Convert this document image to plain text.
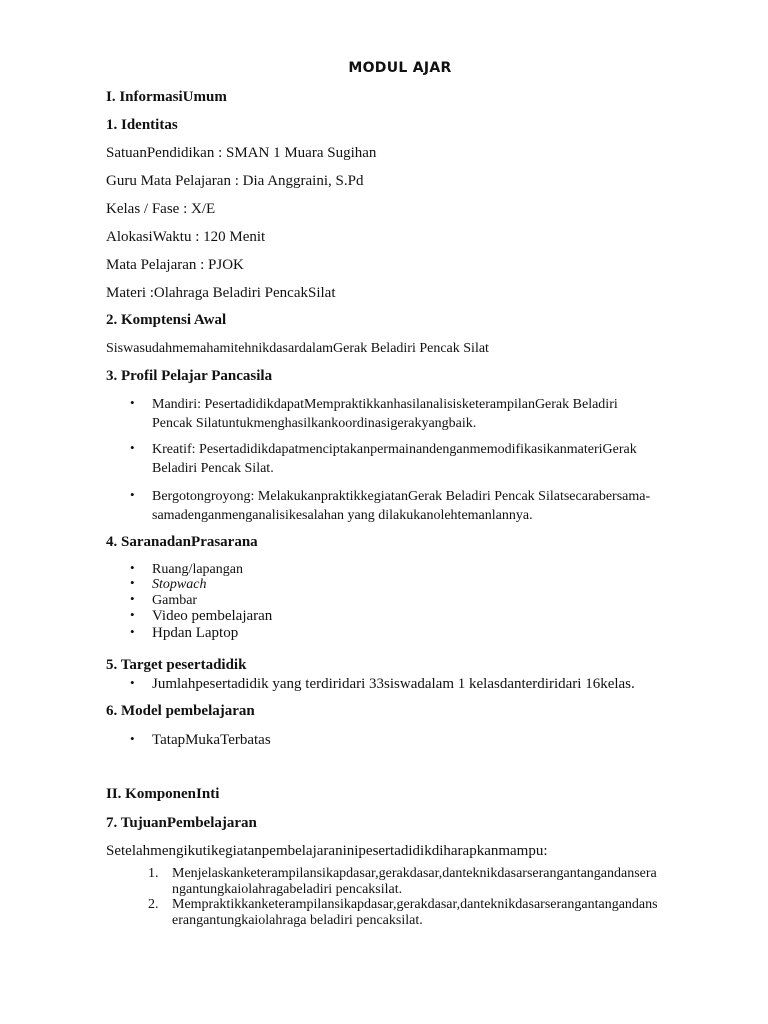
MODUL AJAR
I. InformasiUmum
1. Identitas
SatuanPendidikan : SMAN 1 Muara Sugihan
Guru Mata Pelajaran : Dia Anggraini, S.Pd
Kelas / Fase : X/E
AlokasiWaktu : 120 Menit
Mata Pelajaran : PJOK
Materi :Olahraga Beladiri PencakSilat
2. Komptensi Awal
SiswasudahmemahamitehnikdasardalamGerak Beladiri Pencak Silat
3. Profil Pelajar Pancasila
• Mandiri: PesertadidikdapatMempraktikkanhasilanalisisketerampilanGerak Beladiri
Pencak Silatuntukmenghasilkankoordinasigerakyangbaik.
• Kreatif: PesertadidikdapatmenciptakanpermainandenganmemodifikasikanmateriGerak
Beladiri Pencak Silat.
• Bergotongroyong: MelakukanpraktikkegiatanGerak Beladiri Pencak Silatsecarabersama-
samadenganmenganalisikesalahan yang dilakukanolehtemanlannya.
4. SaranadanPrasarana
• Ruang/lapangan
• Stopwach
• Gambar
• Video pembelajaran
• Hpdan Laptop
5. Target pesertadidik
• Jumlahpesertadidik yang terdiridari 33siswadalam 1 kelasdanterdiridari 16kelas.
6. Model pembelajaran
• TatapMukaTerbatas
II. KomponenInti
7. TujuanPembelajaran
Setelahmengikutikegiatanpembelajaraninipesertadidikdiharapkanmampu:
1. Menjelaskanketerampilansikapdasar,gerakdasar,danteknikdasarserangantangandansera
ngantungkaiolahragabeladiri pencaksilat.
2. Mempraktikkanketerampilansikapdasar,gerakdasar,danteknikdasarserangantangandans
erangantungkaiolahraga beladiri pencaksilat.
